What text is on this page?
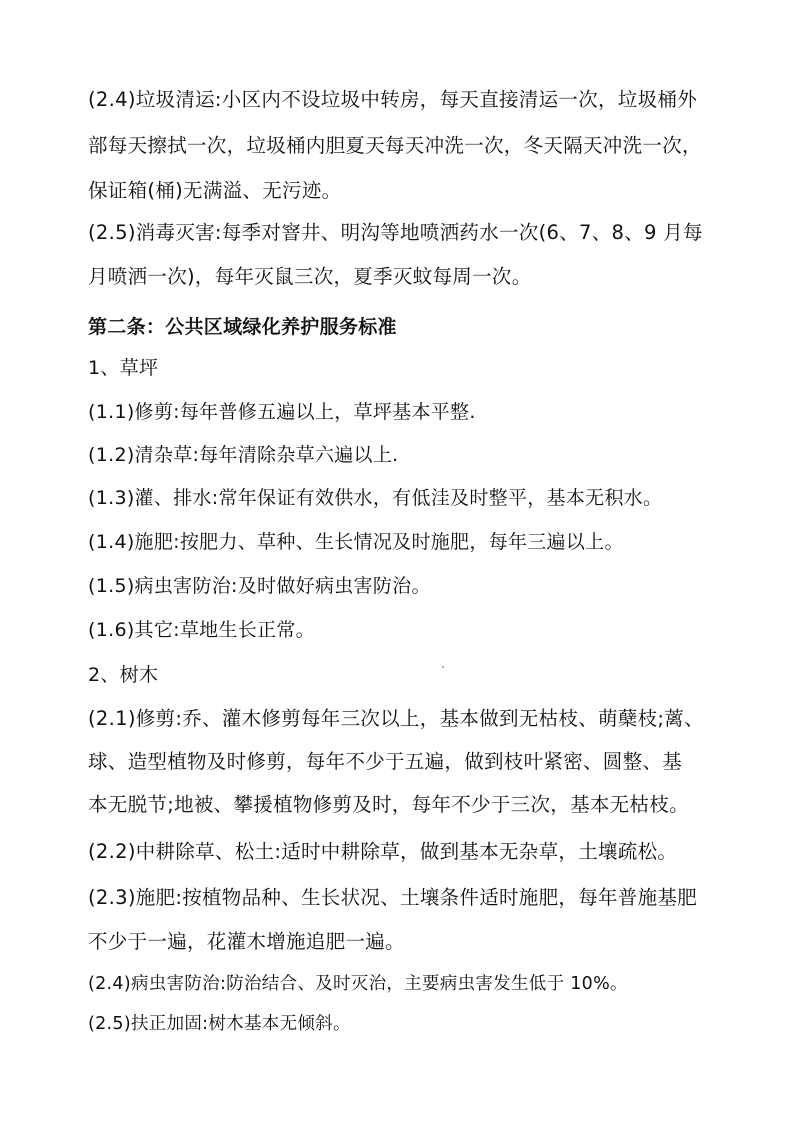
(2.4)垃圾清运:小区内不设垃圾中转房，每天直接清运一次，垃圾桶外
部每天擦拭一次，垃圾桶内胆夏天每天冲洗一次，冬天隔天冲洗一次，
保证箱(桶)无满溢、无污迹。
(2.5)消毒灭害:每季对窨井、明沟等地喷洒药水一次(6、7、8、9 月每
月喷洒一次)，每年灭鼠三次，夏季灭蚊每周一次。
第二条：公共区域绿化养护服务标准
1、草坪
(1.1)修剪:每年普修五遍以上，草坪基本平整.
(1.2)清杂草:每年清除杂草六遍以上.
(1.3)灌、排水:常年保证有效供水，有低洼及时整平，基本无积水。
(1.4)施肥:按肥力、草种、生长情况及时施肥，每年三遍以上。
(1.5)病虫害防治:及时做好病虫害防治。
(1.6)其它:草地生长正常。
2、树木
(2.1)修剪:乔、灌木修剪每年三次以上，基本做到无枯枝、萌蘖枝;蓠、
球、造型植物及时修剪，每年不少于五遍，做到枝叶紧密、圆整、基
本无脱节;地被、攀援植物修剪及时，每年不少于三次，基本无枯枝。
(2.2)中耕除草、松土:适时中耕除草，做到基本无杂草，土壤疏松。
(2.3)施肥:按植物品种、生长状况、土壤条件适时施肥，每年普施基肥
不少于一遍，花灌木增施追肥一遍。
(2.4)病虫害防治:防治结合、及时灭治，主要病虫害发生低于 10%。
(2.5)扶正加固:树木基本无倾斜。
